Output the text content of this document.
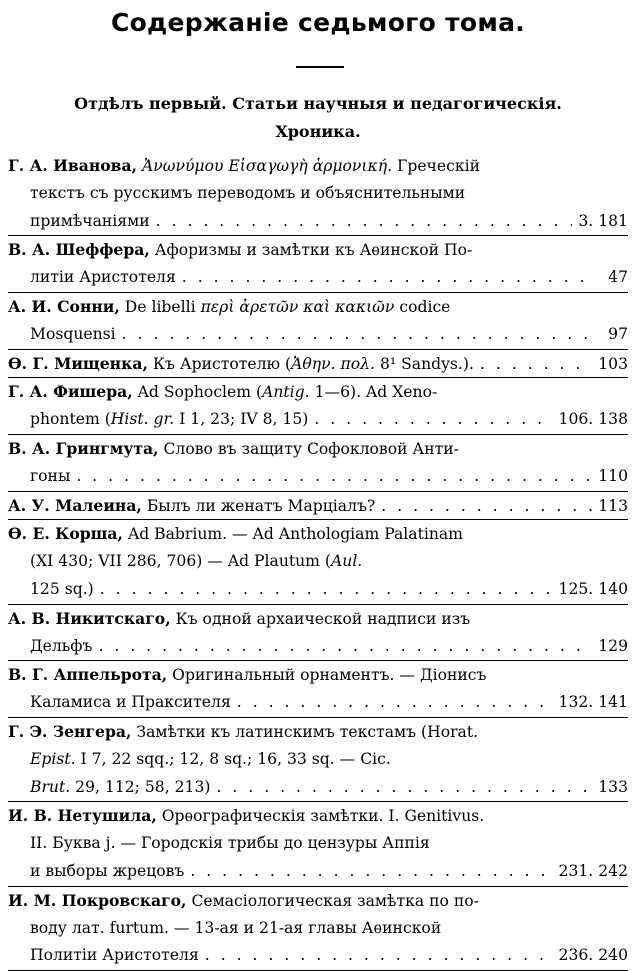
Содержаніе седьмого тома.
Отдѣлъ первый. Статьи научныя и педагогическія.
Хроника.
Г. А. Иванова, Ἀνωνύμου Εἰσαγωγὴ ἁρμονική. Греческій
текстъ съ русскимъ переводомъ и объяснительными
примѣчаніями . . .	3. 181
В. А. Шеффера, Афоризмы и замѣтки къ Аѳинской По-
литіи Аристотеля . . .	47
А. И. Сонни, De libelli περὶ ἀρετῶν καὶ κακιῶν codice
Mosquensi . . .	97
Ѳ. Г. Мищенка, Къ Аристотелю (Ἀθην. πολ. 8¹ Sandys.). . . .	103
Г. А. Фишера, Ad Sophoclem (Antig. 1—6). Ad Xeno-
phontem (Hist. gr. I 1, 23; IV 8, 15) . . .	106. 138
В. А. Грингмута, Слово въ защиту Софокловой Анти-
гоны . . .	110
А. У. Малеина, Былъ ли женатъ Марціалъ? . . .	113
Ѳ. Е. Корша, Ad Babrium. — Ad Anthologiam Palatinam
(XI 430; VII 286, 706) — Ad Plautum (Aul.
125 sq.) . . .	125. 140
А. В. Никитскаго, Къ одной архаической надписи изъ
Дельфъ . . .	129
В. Г. Аппельрота, Оригинальный орнаментъ. — Діонисъ
Каламиса и Праксителя . . .	132. 141
Г. Э. Зенгера, Замѣтки къ латинскимъ текстамъ (Horat.
Epist. I 7, 22 sqq.; 12, 8 sq.; 16, 33 sq. — Cic.
Brut. 29, 112; 58, 213) . . .	133
И. В. Нетушила, Орѳографическія замѣтки. I. Genitivus.
II. Буква j. — Городскія трибы до цензуры Аппія
и выборы жрецовъ . . .	231. 242
И. М. Покровскаго, Семасіологическая замѣтка по по-
воду лат. furtum. — 13-ая и 21-ая главы Аѳинской
Политіи Аристотеля . . .	236. 240
